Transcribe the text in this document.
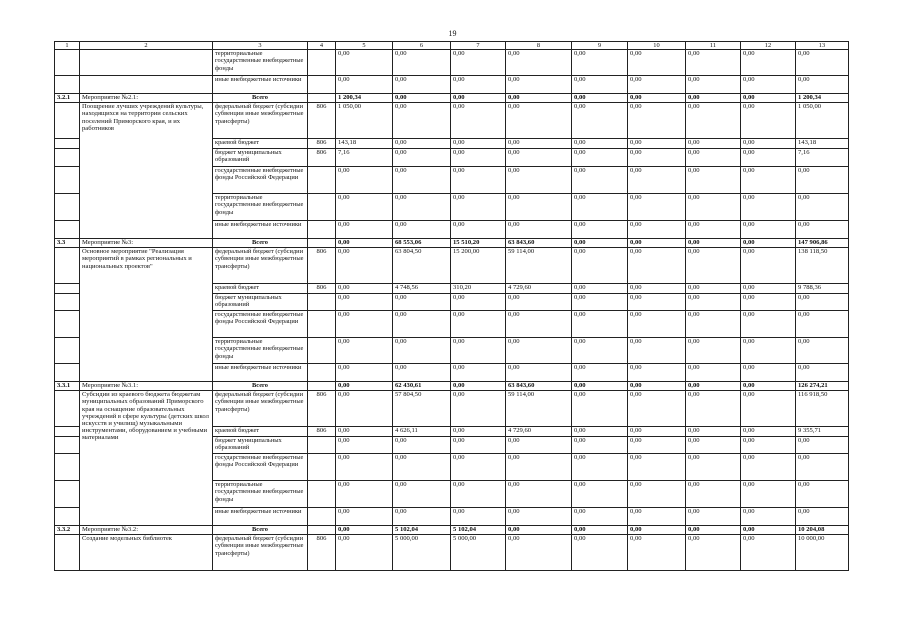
19
1	2	3	4	5	6	7	8	9	10	11	12	13
		территориальные государственные внебюджетные фонды		0,00	0,00	0,00	0,00	0,00	0,00	0,00	0,00	0,00
		иные внебюджетные источники		0,00	0,00	0,00	0,00	0,00	0,00	0,00	0,00	0,00
3.2.1	Мероприятие №2.1:	Всего		1 200,34	0,00	0,00	0,00	0,00	0,00	0,00	0,00	1 200,34
	Поощрение лучших учреждений культуры, находящихся на территории сельских поселений Приморского края, и их работников	федеральный бюджет (субсидии субвенции иные межбюджетные трансферты)	806	1 050,00	0,00	0,00	0,00	0,00	0,00	0,00	0,00	1 050,00
		краевой бюджет	806	143,18	0,00	0,00	0,00	0,00	0,00	0,00	0,00	143,18
		бюджет муниципальных образований	806	7,16	0,00	0,00	0,00	0,00	0,00	0,00	0,00	7,16
		государственные внебюджетные фонды Российской Федерации		0,00	0,00	0,00	0,00	0,00	0,00	0,00	0,00	0,00
		территориальные государственные внебюджетные фонды		0,00	0,00	0,00	0,00	0,00	0,00	0,00	0,00	0,00
		иные внебюджетные источники		0,00	0,00	0,00	0,00	0,00	0,00	0,00	0,00	0,00
3.3	Мероприятие №3:	Всего		0,00	68 553,06	15 510,20	63 843,60	0,00	0,00	0,00	0,00	147 906,86
	Основное мероприятие "Реализация мероприятий в рамках региональных и национальных проектов"	федеральный бюджет (субсидии субвенции иные межбюджетные трансферты)	806	0,00	63 804,50	15 200,00	59 114,00	0,00	0,00	0,00	0,00	138 118,50
		краевой бюджет	806	0,00	4 748,56	310,20	4 729,60	0,00	0,00	0,00	0,00	9 788,36
		бюджет муниципальных образований		0,00	0,00	0,00	0,00	0,00	0,00	0,00	0,00	0,00
		государственные внебюджетные фонды Российской Федерации		0,00	0,00	0,00	0,00	0,00	0,00	0,00	0,00	0,00
		территориальные государственные внебюджетные фонды		0,00	0,00	0,00	0,00	0,00	0,00	0,00	0,00	0,00
		иные внебюджетные источники		0,00	0,00	0,00	0,00	0,00	0,00	0,00	0,00	0,00
3.3.1	Мероприятие №3.1:	Всего		0,00	62 430,61	0,00	63 843,60	0,00	0,00	0,00	0,00	126 274,21
	Субсидии из краевого бюджета бюджетам муниципальных образований Приморского края на оснащение образовательных учреждений в сфере культуры (детских школ искусств и училищ) музыкальными инструментами, оборудованием и учебными материалами	федеральный бюджет (субсидии субвенции иные межбюджетные трансферты)	806	0,00	57 804,50	0,00	59 114,00	0,00	0,00	0,00	0,00	116 918,50
		краевой бюджет	806	0,00	4 626,11	0,00	4 729,60	0,00	0,00	0,00	0,00	9 355,71
		бюджет муниципальных образований		0,00	0,00	0,00	0,00	0,00	0,00	0,00	0,00	0,00
		государственные внебюджетные фонды Российской Федерации		0,00	0,00	0,00	0,00	0,00	0,00	0,00	0,00	0,00
		территориальные государственные внебюджетные фонды		0,00	0,00	0,00	0,00	0,00	0,00	0,00	0,00	0,00
		иные внебюджетные источники		0,00	0,00	0,00	0,00	0,00	0,00	0,00	0,00	0,00
3.3.2	Мероприятие №3.2:	Всего		0,00	5 102,04	5 102,04	0,00	0,00	0,00	0,00	0,00	10 204,08
	Создание модельных библиотек	федеральный бюджет (субсидии субвенции иные межбюджетные трансферты)	806	0,00	5 000,00	5 000,00	0,00	0,00	0,00	0,00	0,00	10 000,00
